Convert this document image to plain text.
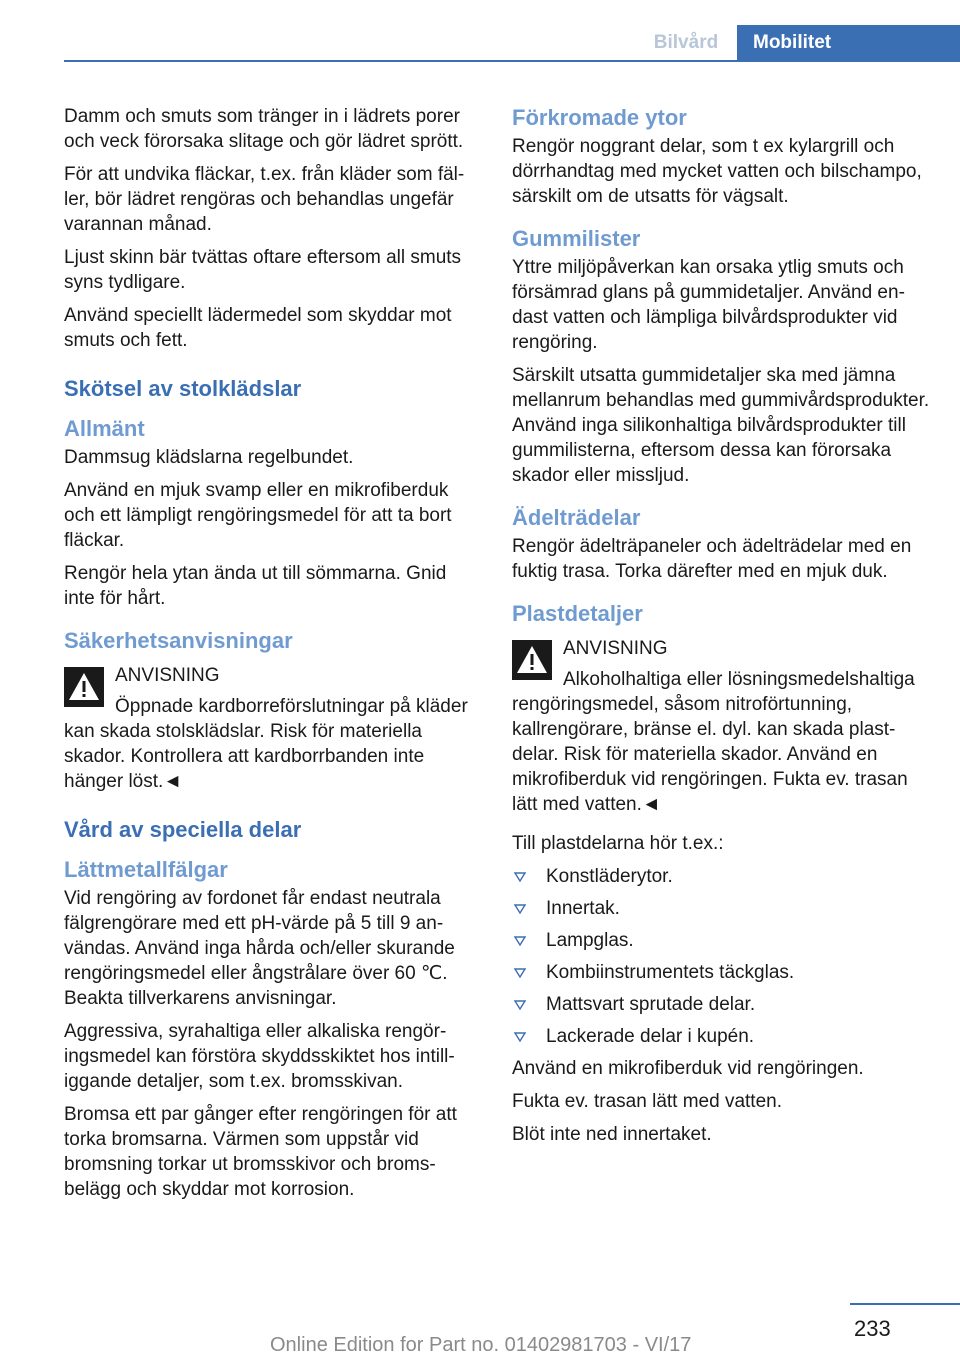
Bilvård	Mobilitet

Damm och smuts som tränger in i lädrets porer och veck förorsaka slitage och gör lädret sprött.

För att undvika fläckar, t.ex. från kläder som fäller, bör lädret rengöras och behandlas ungefär varannan månad.

Ljust skinn bär tvättas oftare eftersom all smuts syns tydligare.

Använd speciellt lädermedel som skyddar mot smuts och fett.

Skötsel av stolklädslar
Allmänt

Dammsug klädslarna regelbundet.

Använd en mjuk svamp eller en mikrofiberduk och ett lämpligt rengöringsmedel för att ta bort fläckar.

Rengör hela ytan ända ut till sömmarna. Gnid inte för hårt.

Säkerhetsanvisningar
ANVISNING

Öppnade kardborreförslutningar på kläder kan skada stolsklädslar. Risk för materiella skador. Kontrollera att kardborrbanden inte hänger löst.◄

Vård av speciella delar
Lättmetallfälgar

Vid rengöring av fordonet får endast neutrala fälgrengörare med ett pH-värde på 5 till 9 användas. Använd inga hårda och/eller skurande rengöringsmedel eller ångstrålare över 60 ℃. Beakta tillverkarens anvisningar.

Aggressiva, syrahaltiga eller alkaliska rengöringsmedel kan förstöra skyddsskiktet hos intilliggande detaljer, som t.ex. bromsskivan.

Bromsa ett par gånger efter rengöringen för att torka bromsarna. Värmen som uppstår vid bromsning torkar ut bromsskivor och bromsbelägg och skyddar mot korrosion.

Förkromade ytor

Rengör noggrant delar, som t ex kylargrill och dörrhandtag med mycket vatten och bilschampo, särskilt om de utsatts för vägsalt.

Gummilister

Yttre miljöpåverkan kan orsaka ytlig smuts och försämrad glans på gummidetaljer. Använd endast vatten och lämpliga bilvårdsprodukter vid rengöring.

Särskilt utsatta gummidetaljer ska med jämna mellanrum behandlas med gummivårdsprodukter. Använd inga silikonhaltiga bilvårdsprodukter till gummilisterna, eftersom dessa kan förorsaka skador eller missljud.

Ädelträdelar

Rengör ädelträpaneler och ädelträdelar med en fuktig trasa. Torka därefter med en mjuk duk.

Plastdetaljer
ANVISNING

Alkoholhaltiga eller lösningsmedelshaltiga rengöringsmedel, såsom nitroförtunning, kallrengörare, bränse el. dyl. kan skada plastdelar. Risk för materiella skador. Använd en mikrofiberduk vid rengöringen. Fukta ev. trasan lätt med vatten.◄

Till plastdelarna hör t.ex.:

Konstläderytor.
Innertak.
Lampglas.
Kombiinstrumentets täckglas.
Mattsvart sprutade delar.
Lackerade delar i kupén.

Använd en mikrofiberduk vid rengöringen.

Fukta ev. trasan lätt med vatten.

Blöt inte ned innertaket.

233
Online Edition for Part no. 01402981703 - VI/17
